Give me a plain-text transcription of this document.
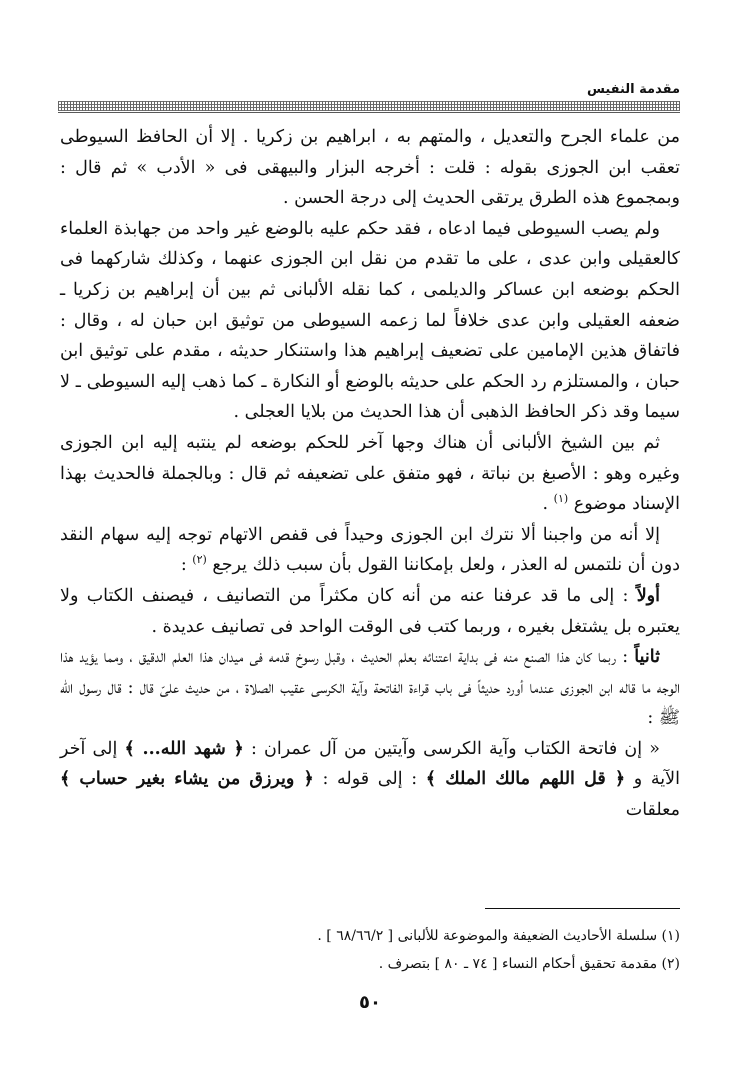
مقدمة النفيس

من علماء الجرح والتعديل ، والمتهم به ، ابراهيم بن زكريا . إلا أن الحافظ السيوطى تعقب ابن الجوزى بقوله : قلت : أخرجه البزار والبيهقى فى « الأدب » ثم قال : وبمجموع هذه الطرق يرتقى الحديث إلى درجة الحسن .

ولم يصب السيوطى فيما ادعاه ، فقد حكم عليه بالوضع غير واحد من جهابذة العلماء كالعقيلى وابن عدى ، على ما تقدم من نقل ابن الجوزى عنهما ، وكذلك شاركهما فى الحكم بوضعه ابن عساكر والديلمى ، كما نقله الألبانى ثم بين أن إبراهيم بن زكريا ـ ضعفه العقيلى وابن عدى خلافاً لما زعمه السيوطى من توثيق ابن حبان له ، وقال : فاتفاق هذين الإمامين على تضعيف إبراهيم هذا واستنكار حديثه ، مقدم على توثيق ابن حبان ، والمستلزم رد الحكم على حديثه بالوضع أو النكارة ـ كما ذهب إليه السيوطى ـ لا سيما وقد ذكر الحافظ الذهبى أن هذا الحديث من بلايا العجلى .

ثم بين الشيخ الألبانى أن هناك وجها آخر للحكم بوضعه لم ينتبه إليه ابن الجوزى وغيره وهو : الأصبغ بن نباتة ، فهو متفق على تضعيفه ثم قال : وبالجملة فالحديث بهذا الإسناد موضوع $^{(١)}$ .

إلا أنه من واجبنا ألا نترك ابن الجوزى وحيداً فى قفص الاتهام توجه إليه سهام النقد دون أن نلتمس له العذر ، ولعل بإمكاننا القول بأن سبب ذلك يرجع $^{(٢)}$ :

أولاً : إلى ما قد عرفنا عنه من أنه كان مكثراً من التصانيف ، فيصنف الكتاب ولا يعتبره بل يشتغل بغيره ، وربما كتب فى الوقت الواحد فى تصانيف عديدة .

ثانياً : ربما كان هذا الصنع منه فى بداية اعتنائه بعلم الحديث ، وقبل رسوخ قدمه فى ميدان هذا العلم الدقيق ، ومما يؤيد هذا الوجه ما قاله ابن الجوزى عندما أورد حديثاً فى باب قراءة الفاتحة وآية الكرسى عقيب الصلاة ، من حديث علىّ قال : قال رسول الله ﷺ :

« إن فاتحة الكتاب وآية الكرسى وآيتين من آل عمران : ﴿ شهد الله... ﴾ إلى آخر الآية و ﴿ قل اللهم مالك الملك ﴾ : إلى قوله : ﴿ ويرزق من يشاء بغير حساب ﴾ معلقات

(١) سلسلة الأحاديث الضعيفة والموضوعة للألبانى [ ٦٨/٦٦/٢ ] .

(٢) مقدمة تحقيق أحكام النساء [ ٧٤ ـ ٨٠ ] بتصرف .

٥٠
